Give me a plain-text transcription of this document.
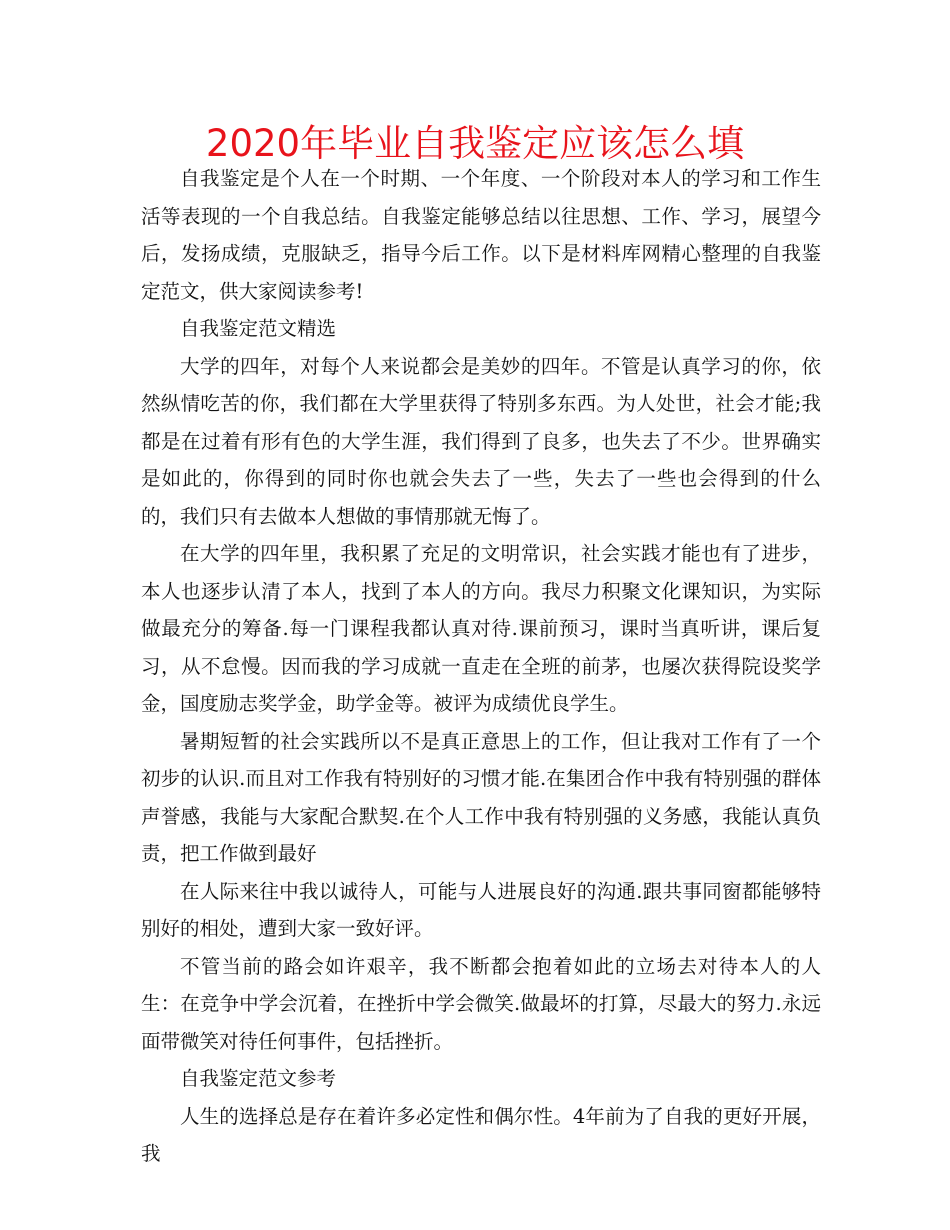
2020年毕业自我鉴定应该怎么填

自我鉴定是个人在一个时期、一个年度、一个阶段对本人的学习和工作生活等表现的一个自我总结。自我鉴定能够总结以往思想、工作、学习，展望今后，发扬成绩，克服缺乏，指导今后工作。以下是材料库网精心整理的自我鉴定范文，供大家阅读参考!

自我鉴定范文精选

大学的四年，对每个人来说都会是美妙的四年。不管是认真学习的你，依然纵情吃苦的你，我们都在大学里获得了特别多东西。为人处世，社会才能;我都是在过着有形有色的大学生涯，我们得到了良多，也失去了不少。世界确实是如此的，你得到的同时你也就会失去了一些，失去了一些也会得到的什么的，我们只有去做本人想做的事情那就无悔了。

在大学的四年里，我积累了充足的文明常识，社会实践才能也有了进步，本人也逐步认清了本人，找到了本人的方向。我尽力积聚文化课知识，为实际做最充分的筹备.每一门课程我都认真对待.课前预习，课时当真听讲，课后复习，从不怠慢。因而我的学习成就一直走在全班的前茅，也屡次获得院设奖学金，国度励志奖学金，助学金等。被评为成绩优良学生。

暑期短暂的社会实践所以不是真正意思上的工作，但让我对工作有了一个初步的认识.而且对工作我有特别好的习惯才能.在集团合作中我有特别强的群体声誉感，我能与大家配合默契.在个人工作中我有特别强的义务感，我能认真负责，把工作做到最好

在人际来往中我以诚待人，可能与人进展良好的沟通.跟共事同窗都能够特别好的相处，遭到大家一致好评。

不管当前的路会如许艰辛，我不断都会抱着如此的立场去对待本人的人生：在竞争中学会沉着，在挫折中学会微笑.做最坏的打算，尽最大的努力.永远面带微笑对待任何事件，包括挫折。

自我鉴定范文参考

人生的选择总是存在着许多必定性和偶尔性。4年前为了自我的更好开展，我
